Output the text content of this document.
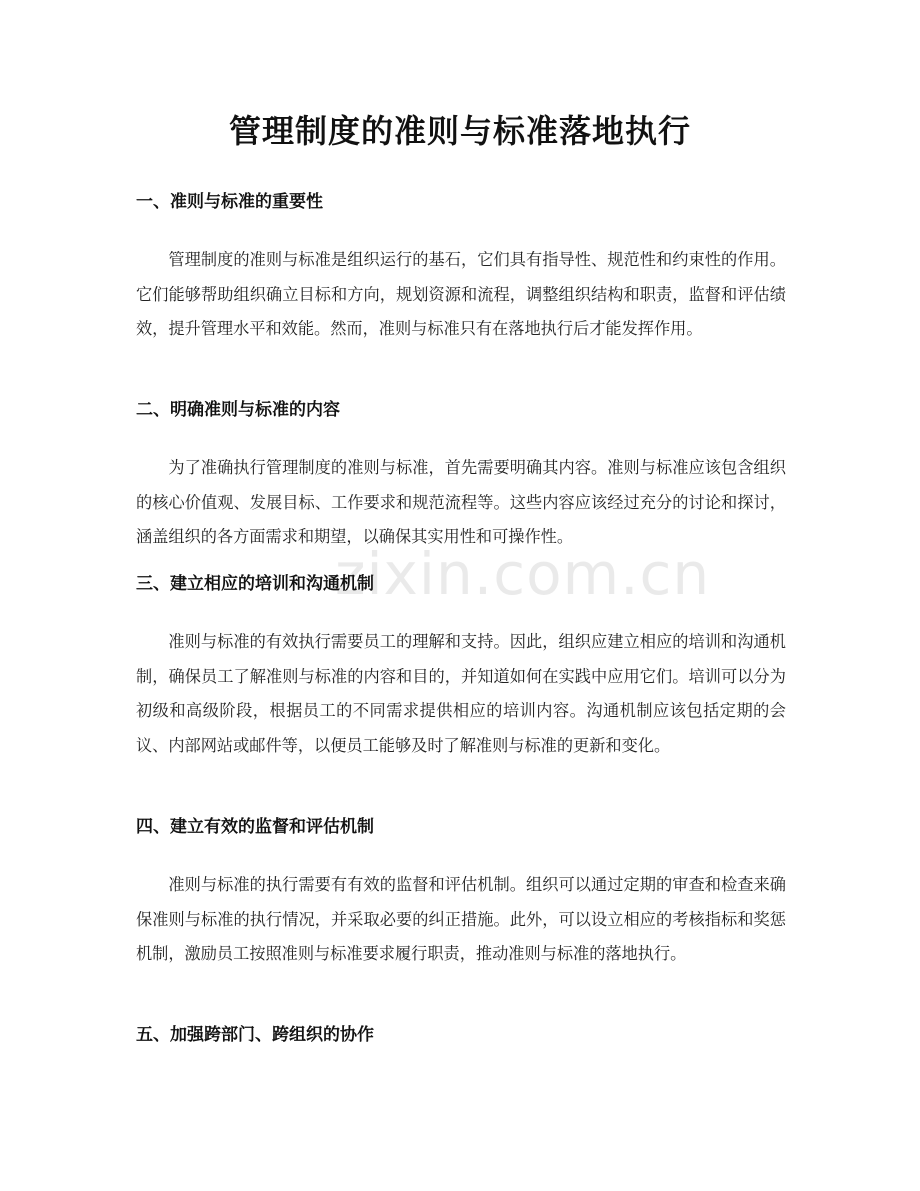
管理制度的准则与标准落地执行
zixin.com.cn
一、准则与标准的重要性

管理制度的准则与标准是组织运行的基石，它们具有指导性、规范性和约束性的作用。它们能够帮助组织确立目标和方向，规划资源和流程，调整组织结构和职责，监督和评估绩效，提升管理水平和效能。然而，准则与标准只有在落地执行后才能发挥作用。

二、明确准则与标准的内容

为了准确执行管理制度的准则与标准，首先需要明确其内容。准则与标准应该包含组织的核心价值观、发展目标、工作要求和规范流程等。这些内容应该经过充分的讨论和探讨，涵盖组织的各方面需求和期望，以确保其实用性和可操作性。

三、建立相应的培训和沟通机制

准则与标准的有效执行需要员工的理解和支持。因此，组织应建立相应的培训和沟通机制，确保员工了解准则与标准的内容和目的，并知道如何在实践中应用它们。培训可以分为初级和高级阶段，根据员工的不同需求提供相应的培训内容。沟通机制应该包括定期的会议、内部网站或邮件等，以便员工能够及时了解准则与标准的更新和变化。

四、建立有效的监督和评估机制

准则与标准的执行需要有有效的监督和评估机制。组织可以通过定期的审查和检查来确保准则与标准的执行情况，并采取必要的纠正措施。此外，可以设立相应的考核指标和奖惩机制，激励员工按照准则与标准要求履行职责，推动准则与标准的落地执行。

五、加强跨部门、跨组织的协作
